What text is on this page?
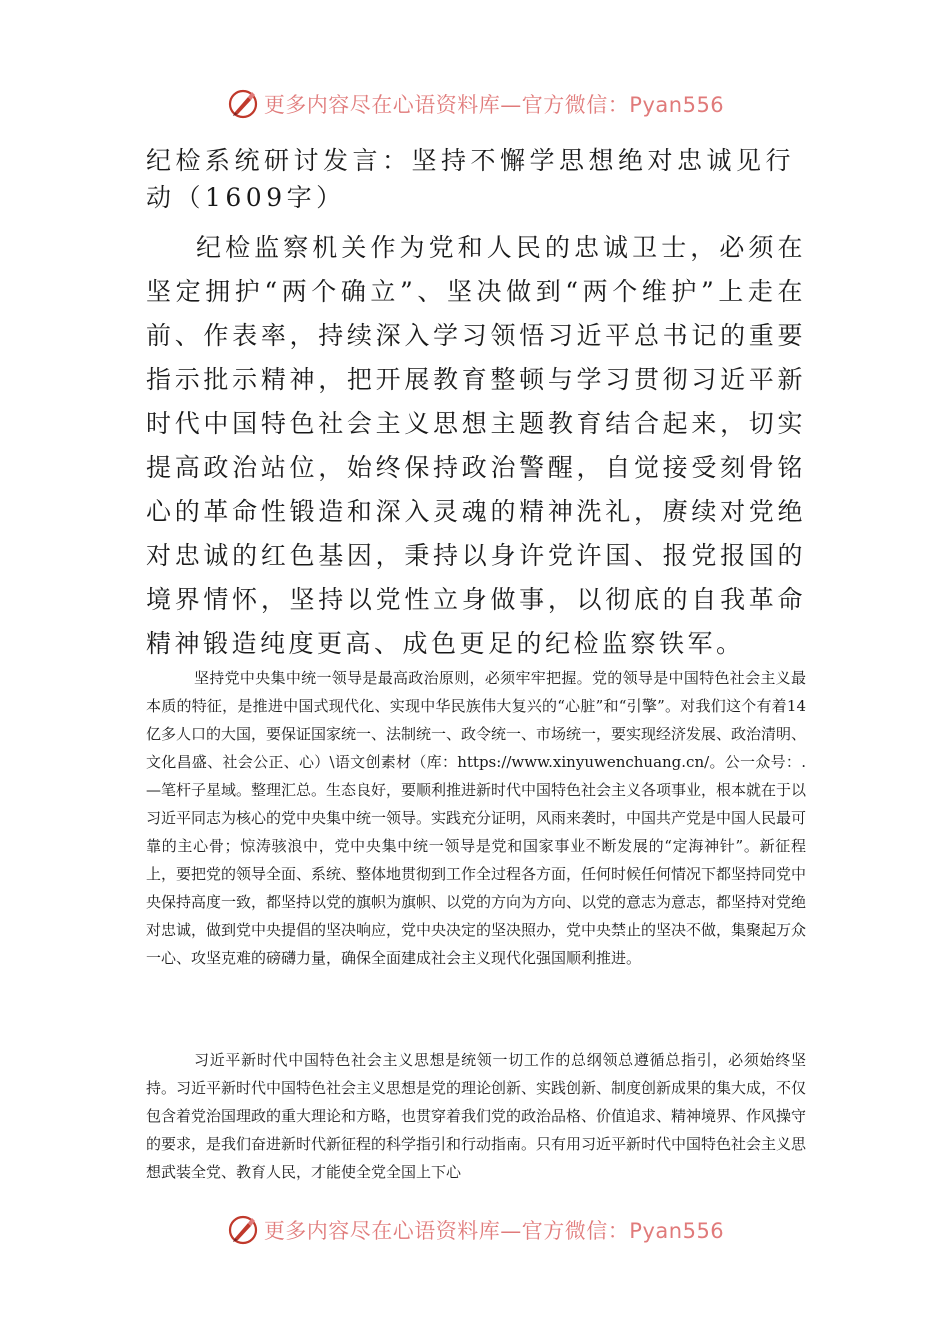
更多内容尽在心语资料库—官方微信：Pyan556
纪检系统研讨发言：坚持不懈学思想绝对忠诚见行动（1609字）

纪检监察机关作为党和人民的忠诚卫士，必须在坚定拥护“两个确立”、坚决做到“两个维护”上走在前、作表率，持续深入学习领悟习近平总书记的重要指示批示精神，把开展教育整顿与学习贯彻习近平新时代中国特色社会主义思想主题教育结合起来，切实提高政治站位，始终保持政治警醒，自觉接受刻骨铭心的革命性锻造和深入灵魂的精神洗礼，赓续对党绝对忠诚的红色基因，秉持以身许党许国、报党报国的境界情怀，坚持以党性立身做事，以彻底的自我革命精神锻造纯度更高、成色更足的纪检监察铁军。

坚持党中央集中统一领导是最高政治原则，必须牢牢把握。党的领导是中国特色社会主义最本质的特征，是推进中国式现代化、实现中华民族伟大复兴的“心脏”和“引擎”。对我们这个有着14亿多人口的大国，要保证国家统一、法制统一、政令统一、市场统一，要实现经济发展、政治清明、文化昌盛、社会公正、心）\语文创素材（库：https://www.xinyuwenchuang.cn/。公一众号：.—笔杆子星域。整理汇总。生态良好，要顺利推进新时代中国特色社会主义各项事业，根本就在于以习近平同志为核心的党中央集中统一领导。实践充分证明，风雨来袭时，中国共产党是中国人民最可靠的主心骨；惊涛骇浪中，党中央集中统一领导是党和国家事业不断发展的“定海神针”。新征程上，要把党的领导全面、系统、整体地贯彻到工作全过程各方面，任何时候任何情况下都坚持同党中央保持高度一致，都坚持以党的旗帜为旗帜、以党的方向为方向、以党的意志为意志，都坚持对党绝对忠诚，做到党中央提倡的坚决响应，党中央决定的坚决照办，党中央禁止的坚决不做，集聚起万众一心、攻坚克难的磅礴力量，确保全面建成社会主义现代化强国顺利推进。

习近平新时代中国特色社会主义思想是统领一切工作的总纲领总遵循总指引，必须始终坚持。习近平新时代中国特色社会主义思想是党的理论创新、实践创新、制度创新成果的集大成，不仅包含着党治国理政的重大理论和方略，也贯穿着我们党的政治品格、价值追求、精神境界、作风操守的要求，是我们奋进新时代新征程的科学指引和行动指南。只有用习近平新时代中国特色社会主义思想武装全党、教育人民，才能使全党全国上下心

更多内容尽在心语资料库—官方微信：Pyan556
